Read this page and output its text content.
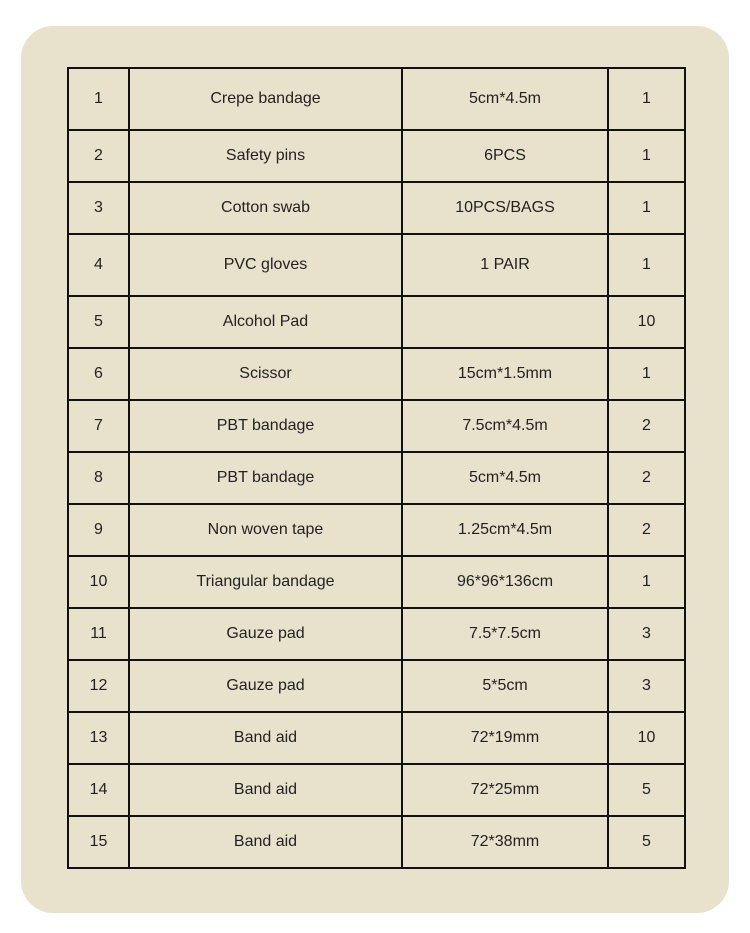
1	Crepe bandage	5cm*4.5m	1
2	Safety pins	6PCS	1
3	Cotton swab	10PCS/BAGS	1
4	PVC gloves	1 PAIR	1
5	Alcohol Pad		10
6	Scissor	15cm*1.5mm	1
7	PBT bandage	7.5cm*4.5m	2
8	PBT bandage	5cm*4.5m	2
9	Non woven tape	1.25cm*4.5m	2
10	Triangular bandage	96*96*136cm	1
11	Gauze pad	7.5*7.5cm	3
12	Gauze pad	5*5cm	3
13	Band aid	72*19mm	10
14	Band aid	72*25mm	5
15	Band aid	72*38mm	5
